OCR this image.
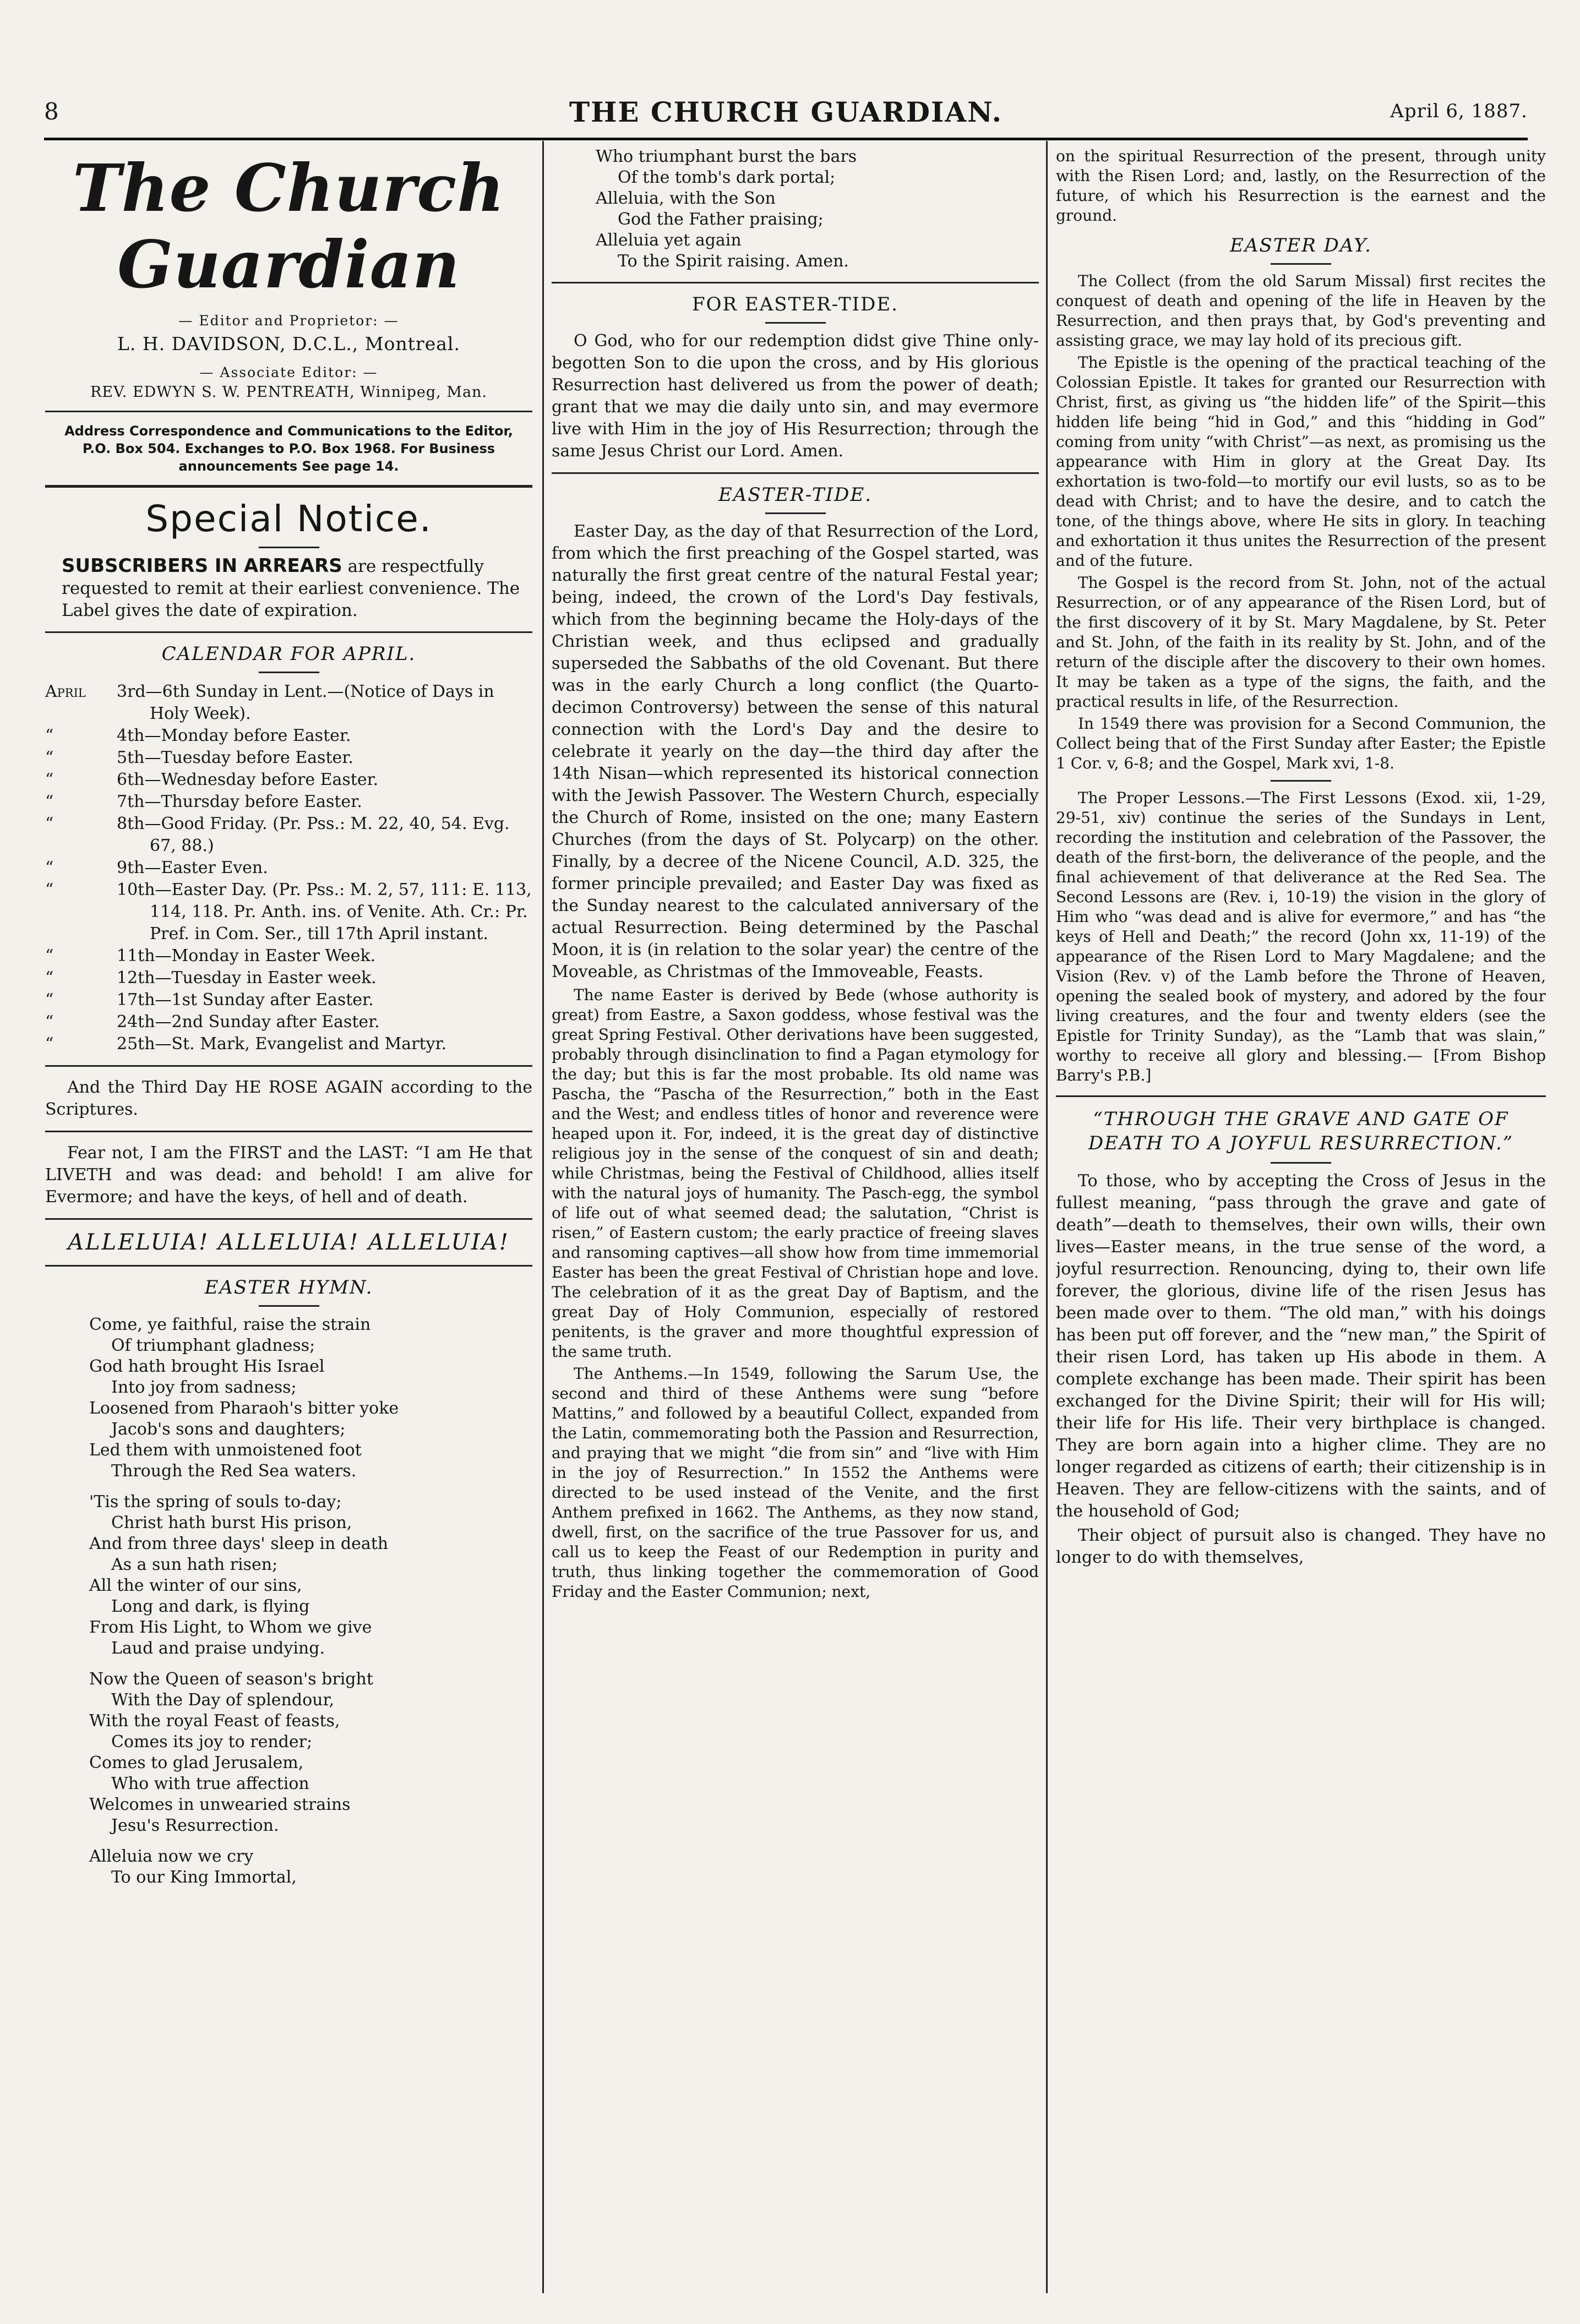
8	THE CHURCH GUARDIAN.	April 6, 1887.
The Church Guardian
— Editor and Proprietor: —
L. H. DAVIDSON, D.C.L., Montreal.
— Associate Editor: —
REV. EDWYN S. W. PENTREATH, Winnipeg, Man.
Address Correspondence and Communications to the Editor, P.O. Box 504. Exchanges to P.O. Box 1968. For Business announcements See page 14.
Special Notice.
SUBSCRIBERS IN ARREARS are respectfully requested to remit at their earliest convenience. The Label gives the date of expiration.
CALENDAR FOR APRIL.
April 3rd—6th Sunday in Lent.—(Notice of Days in Holy Week).
“	4th—Monday before Easter.
“	5th—Tuesday before Easter.
“	6th—Wednesday before Easter.
“	7th—Thursday before Easter.
“	8th—Good Friday. (Pr. Pss.: M. 22, 40, 54. Evg. 67, 88.)
“	9th—Easter Even.
“	10th—Easter Day. (Pr. Pss.: M. 2, 57, 111: E. 113, 114, 118. Pr. Anth. ins. of Venite. Ath. Cr.: Pr. Pref. in Com. Ser., till 17th April instant.
“	11th—Monday in Easter Week.
“	12th—Tuesday in Easter week.
“	17th—1st Sunday after Easter.
“	24th—2nd Sunday after Easter.
“	25th—St. Mark, Evangelist and Martyr.
And the Third Day HE ROSE AGAIN according to the Scriptures.
Fear not, I am the FIRST and the LAST: “I am He that LIVETH and was dead: and behold! I am alive for Evermore; and have the keys, of hell and of death.
ALLELUIA! ALLELUIA! ALLELUIA!
EASTER HYMN.
Come, ye faithful, raise the strain
Of triumphant gladness;
God hath brought His Israel
Into joy from sadness;
Loosened from Pharaoh's bitter yoke
Jacob's sons and daughters;
Led them with unmoistened foot
Through the Red Sea waters.
'Tis the spring of souls to-day;
Christ hath burst His prison,
And from three days' sleep in death
As a sun hath risen;
All the winter of our sins,
Long and dark, is flying
From His Light, to Whom we give
Laud and praise undying.
Now the Queen of season's bright
With the Day of splendour,
With the royal Feast of feasts,
Comes its joy to render;
Comes to glad Jerusalem,
Who with true affection
Welcomes in unwearied strains
Jesu's Resurrection.
Alleluia now we cry
To our King Immortal,
Who triumphant burst the bars
Of the tomb's dark portal;
Alleluia, with the Son
God the Father praising;
Alleluia yet again
To the Spirit raising. Amen.
FOR EASTER-TIDE.
O God, who for our redemption didst give Thine only-begotten Son to die upon the cross, and by His glorious Resurrection hast delivered us from the power of death; grant that we may die daily unto sin, and may evermore live with Him in the joy of His Resurrection; through the same Jesus Christ our Lord. Amen.
EASTER-TIDE.
Easter Day, as the day of that Resurrection of the Lord, from which the first preaching of the Gospel started, was naturally the first great centre of the natural Festal year; being, indeed, the crown of the Lord's Day festivals, which from the beginning became the Holy-days of the Christian week, and thus eclipsed and gradually superseded the Sabbaths of the old Covenant. But there was in the early Church a long conflict (the Quarto-decimon Controversy) between the sense of this natural connection with the Lord's Day and the desire to celebrate it yearly on the day—the third day after the 14th Nisan—which represented its historical connection with the Jewish Passover. The Western Church, especially the Church of Rome, insisted on the one; many Eastern Churches (from the days of St. Polycarp) on the other. Finally, by a decree of the Nicene Council, A.D. 325, the former principle prevailed; and Easter Day was fixed as the Sunday nearest to the calculated anniversary of the actual Resurrection. Being determined by the Paschal Moon, it is (in relation to the solar year) the centre of the Moveable, as Christmas of the Immoveable, Feasts.
The name Easter is derived by Bede (whose authority is great) from Eastre, a Saxon goddess, whose festival was the great Spring Festival. Other derivations have been suggested, probably through disinclination to find a Pagan etymology for the day; but this is far the most probable. Its old name was Pascha, the “Pascha of the Resurrection,” both in the East and the West; and endless titles of honor and reverence were heaped upon it. For, indeed, it is the great day of distinctive religious joy in the sense of the conquest of sin and death; while Christmas, being the Festival of Childhood, allies itself with the natural joys of humanity. The Pasch-egg, the symbol of life out of what seemed dead; the salutation, “Christ is risen,” of Eastern custom; the early practice of freeing slaves and ransoming captives—all show how from time immemorial Easter has been the great Festival of Christian hope and love. The celebration of it as the great Day of Baptism, and the great Day of Holy Communion, especially of restored penitents, is the graver and more thoughtful expression of the same truth.
The Anthems.—In 1549, following the Sarum Use, the second and third of these Anthems were sung “before Mattins,” and followed by a beautiful Collect, expanded from the Latin, commemorating both the Passion and Resurrection, and praying that we might “die from sin” and “live with Him in the joy of Resurrection.” In 1552 the Anthems were directed to be used instead of the Venite, and the first Anthem prefixed in 1662. The Anthems, as they now stand, dwell, first, on the sacrifice of the true Passover for us, and call us to keep the Feast of our Redemption in purity and truth, thus linking together the commemoration of Good Friday and the Easter Communion; next,
on the spiritual Resurrection of the present, through unity with the Risen Lord; and, lastly, on the Resurrection of the future, of which his Resurrection is the earnest and the ground.
EASTER DAY.
The Collect (from the old Sarum Missal) first recites the conquest of death and opening of the life in Heaven by the Resurrection, and then prays that, by God's preventing and assisting grace, we may lay hold of its precious gift.
The Epistle is the opening of the practical teaching of the Colossian Epistle. It takes for granted our Resurrection with Christ, first, as giving us “the hidden life” of the Spirit—this hidden life being “hid in God,” and this “hidding in God” coming from unity “with Christ”—as next, as promising us the appearance with Him in glory at the Great Day. Its exhortation is two-fold—to mortify our evil lusts, so as to be dead with Christ; and to have the desire, and to catch the tone, of the things above, where He sits in glory. In teaching and exhortation it thus unites the Resurrection of the present and of the future.
The Gospel is the record from St. John, not of the actual Resurrection, or of any appearance of the Risen Lord, but of the first discovery of it by St. Mary Magdalene, by St. Peter and St. John, of the faith in its reality by St. John, and of the return of the disciple after the discovery to their own homes. It may be taken as a type of the signs, the faith, and the practical results in life, of the Resurrection.
In 1549 there was provision for a Second Communion, the Collect being that of the First Sunday after Easter; the Epistle 1 Cor. v, 6-8; and the Gospel, Mark xvi, 1-8.
The Proper Lessons.—The First Lessons (Exod. xii, 1-29, 29-51, xiv) continue the series of the Sundays in Lent, recording the institution and celebration of the Passover, the death of the first-born, the deliverance of the people, and the final achievement of that deliverance at the Red Sea. The Second Lessons are (Rev. i, 10-19) the vision in the glory of Him who “was dead and is alive for evermore,” and has “the keys of Hell and Death;” the record (John xx, 11-19) of the appearance of the Risen Lord to Mary Magdalene; and the Vision (Rev. v) of the Lamb before the Throne of Heaven, opening the sealed book of mystery, and adored by the four living creatures, and the four and twenty elders (see the Epistle for Trinity Sunday), as the “Lamb that was slain,” worthy to receive all glory and blessing.— [From Bishop Barry's P.B.]
“THROUGH THE GRAVE AND GATE OF DEATH TO A JOYFUL RESURRECTION.”
To those, who by accepting the Cross of Jesus in the fullest meaning, “pass through the grave and gate of death”—death to themselves, their own wills, their own lives—Easter means, in the true sense of the word, a joyful resurrection. Renouncing, dying to, their own life forever, the glorious, divine life of the risen Jesus has been made over to them. “The old man,” with his doings has been put off forever, and the “new man,” the Spirit of their risen Lord, has taken up His abode in them. A complete exchange has been made. Their spirit has been exchanged for the Divine Spirit; their will for His will; their life for His life. Their very birthplace is changed. They are born again into a higher clime. They are no longer regarded as citizens of earth; their citizenship is in Heaven. They are fellow-citizens with the saints, and of the household of God;
Their object of pursuit also is changed. They have no longer to do with themselves,
